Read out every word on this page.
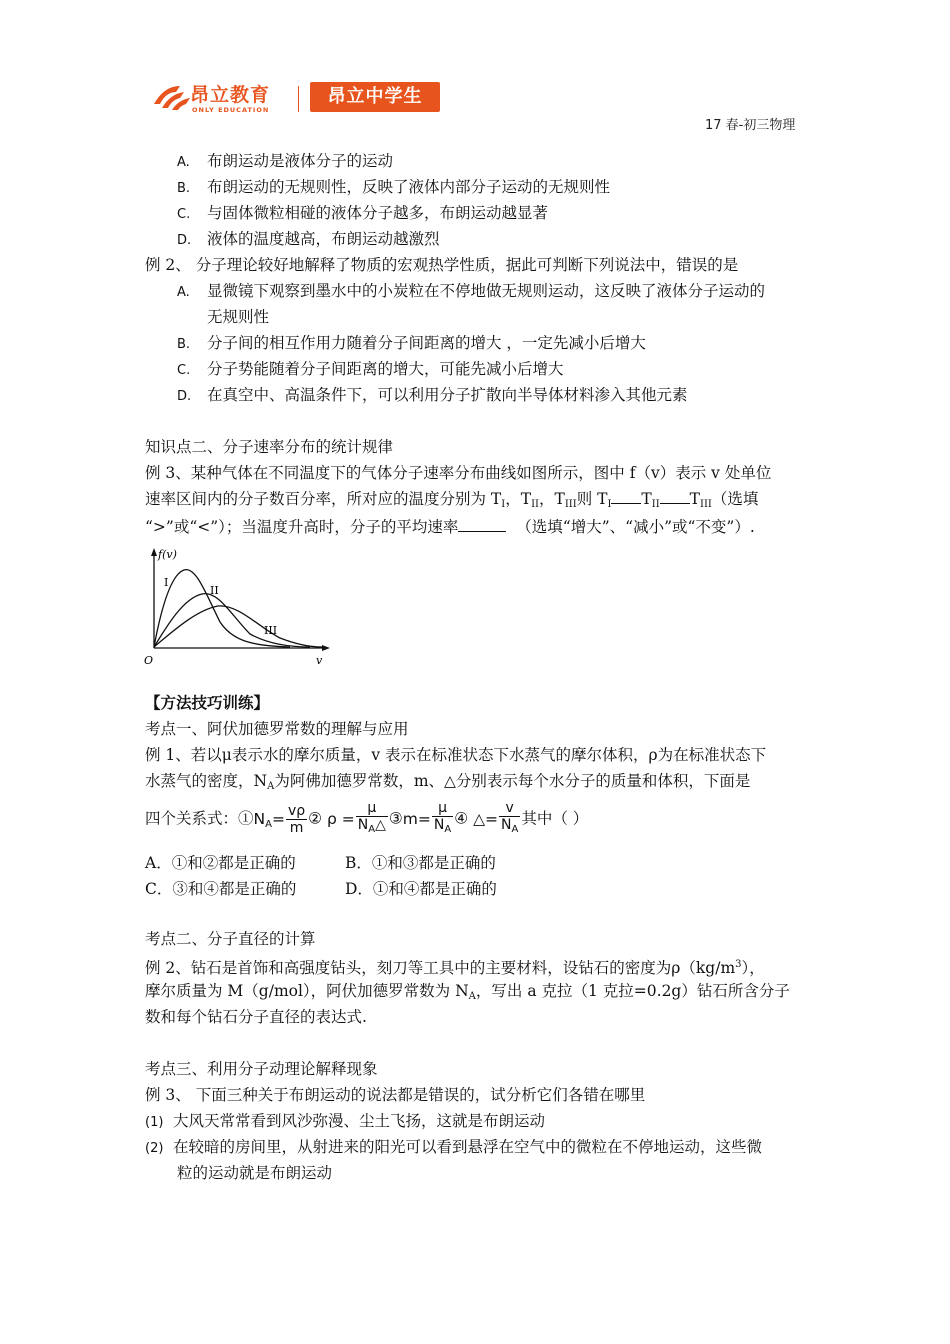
昂立教育
ONLY EDUCATION
昂立中学生
17 春-初三物理
A. 布朗运动是液体分子的运动
B. 布朗运动的无规则性，反映了液体内部分子运动的无规则性
C. 与固体微粒相碰的液体分子越多，布朗运动越显著
D. 液体的温度越高，布朗运动越激烈
例 2、 分子理论较好地解释了物质的宏观热学性质，据此可判断下列说法中，错误的是
A. 显微镜下观察到墨水中的小炭粒在不停地做无规则运动，这反映了液体分子运动的
无规则性
B. 分子间的相互作用力随着分子间距离的增大 ，一定先减小后增大
C. 分子势能随着分子间距离的增大，可能先减小后增大
D. 在真空中、高温条件下，可以利用分子扩散向半导体材料渗入其他元素
知识点二、分子速率分布的统计规律
例 3、某种气体在不同温度下的气体分子速率分布曲线如图所示，图中 f（v）表示 v 处单位
速率区间内的分子数百分率，所对应的温度分别为 $T_I$，$T_{II}$，$T_{III}$则 $T_I$ $T_{II}$ $T_{III}$（选填
“>”或“<”）；当温度升高时，分子的平均速率	（选填“增大”、“减小”或“不变”）.
f(v)
v
O
I
II
III
【方法技巧训练】
考点一、阿伏加德罗常数的理解与应用
例 1、若以μ表示水的摩尔质量，v 表示在标准状态下水蒸气的摩尔体积，ρ为在标准状态下
水蒸气的密度，$N_A$为阿佛加德罗常数，m、△分别表示每个水分子的质量和体积，下面是
四个关系式：$①N_A= \frac{v\rho}{m}$ ② $\rho = \frac{\mu}{N_A\triangle}$ ③m= $\frac{\mu}{N_A}$ ④ △= $\frac{v}{N_A}$ 其中（ ）
A．①和②都是正确的	B．①和③都是正确的
C．③和④都是正确的	D．①和④都是正确的
考点二、分子直径的计算
例 2、钻石是首饰和高强度钻头，刻刀等工具中的主要材料，设钻石的密度为$\rho(kg/m^3)$，
摩尔质量为 M（g/mol），阿伏加德罗常数为 $N_A$，写出 a 克拉（1 克拉=0.2g）钻石所含分子
数和每个钻石分子直径的表达式.
考点三、利用分子动理论解释现象
例 3、 下面三种关于布朗运动的说法都是错误的，试分析它们各错在哪里
(1) 大风天常常看到风沙弥漫、尘土飞扬，这就是布朗运动
(2) 在较暗的房间里，从射进来的阳光可以看到悬浮在空气中的微粒在不停地运动，这些微
粒的运动就是布朗运动
